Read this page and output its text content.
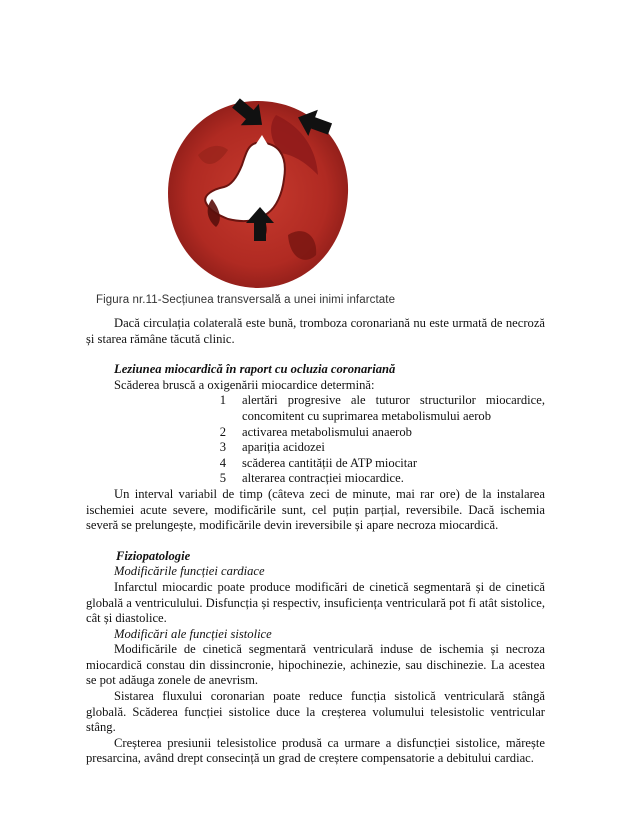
Figura nr.11-Secțiunea transversală a unei inimi infarctate

Dacă circulația colaterală este bună, tromboza coronariană nu este urmată de necroză și starea rămâne tăcută clinic.

Leziunea miocardică în raport cu ocluzia coronariană

Scăderea bruscă a oxigenării miocardice determină:

1	alertări progresive ale tuturor structurilor miocardice, concomitent cu suprimarea metabolismului aerob
2	activarea metabolismului anaerob
3	apariția acidozei
4	scăderea cantității de ATP miocitar
5	alterarea contracției miocardice.

Un interval variabil de timp (câteva zeci de minute, mai rar ore) de la instalarea ischemiei acute severe, modificările sunt, cel puțin parțial, reversibile. Dacă ischemia severă se prelungește, modificările devin ireversibile și apare necroza miocardică.

Fiziopatologie

Modificările funcției cardiace

Infarctul miocardic poate produce modificări de cinetică segmentară și de cinetică globală a ventriculului. Disfuncția și respectiv, insuficiența ventriculară pot fi atât sistolice, cât și diastolice.

Modificări ale funcției sistolice

Modificările de cinetică segmentară ventriculară induse de ischemia și necroza miocardică constau din dissincronie, hipochinezie, achinezie, sau dischinezie. La acestea se pot adăuga zonele de anevrism.

Sistarea fluxului coronarian poate reduce funcția sistolică ventriculară stângă globală. Scăderea funcției sistolice duce la creșterea volumului telesistolic ventricular stâng.

Creșterea presiunii telesistolice produsă ca urmare a disfuncției sistolice, mărește presarcina, având drept consecință un grad de creștere compensatorie a debitului cardiac.
